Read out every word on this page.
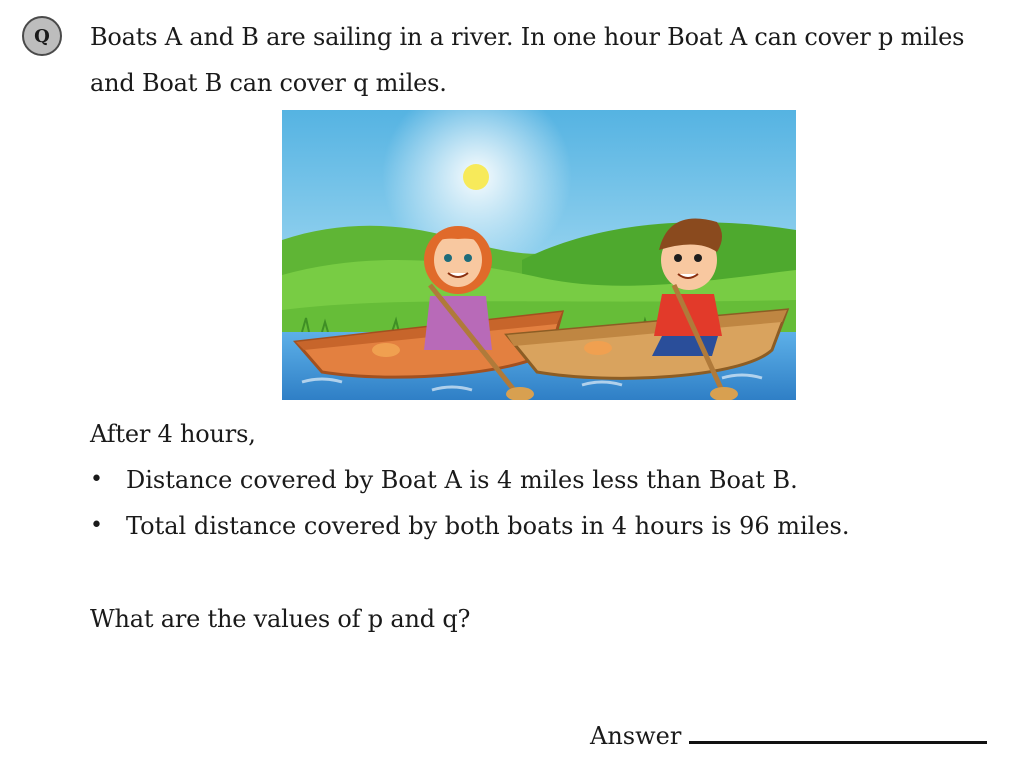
Q	Boats A and B are sailing in a river. In one hour Boat A can cover p miles and Boat B can cover q miles.
After 4 hours,
• Distance covered by Boat A is 4 miles less than Boat B.
• Total distance covered by both boats in 4 hours is 96 miles.
What are the values of p and q?
Answer
